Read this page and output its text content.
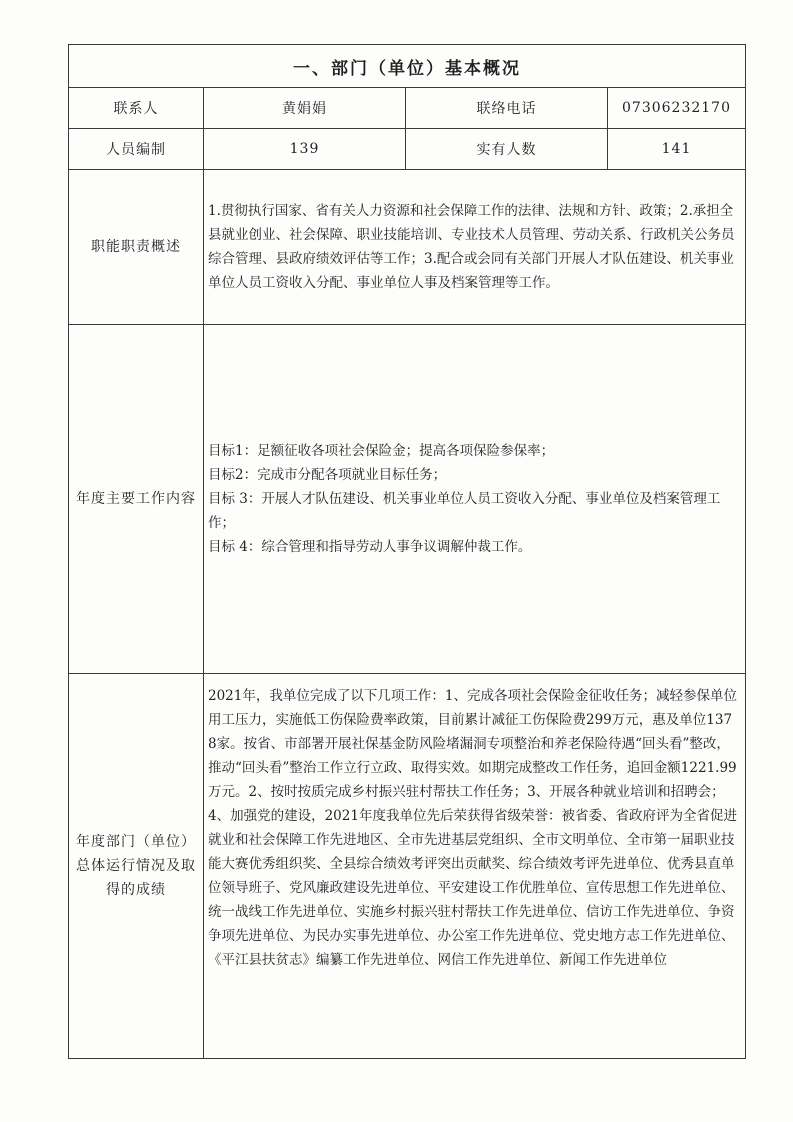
一、部门（单位）基本概况			
联系人	黄娟娟	联络电话	07306232170
人员编制	139	实有人数	141
职能职责概述	1.贯彻执行国家、省有关人力资源和社会保障工作的法律、法规和方针、政策；2.承担全县就业创业、社会保障、职业技能培训、专业技术人员管理、劳动关系、行政机关公务员综合管理、县政府绩效评估等工作；3.配合或会同有关部门开展人才队伍建设、机关事业单位人员工资收入分配、事业单位人事及档案管理等工作。		
年度主要工作内容	目标1：足额征收各项社会保险金；提高各项保险参保率；

目标2：完成市分配各项就业目标任务；

目标 3：开展人才队伍建设、机关事业单位人员工资收入分配、事业单位及档案管理工作；

目标 4：综合管理和指导劳动人事争议调解仲裁工作。		

年度部门（单位）总体运行情况及取得的成绩	2021年，我单位完成了以下几项工作：1、完成各项社会保险金征收任务；减轻参保单位用工压力，实施低工伤保险费率政策，目前累计减征工伤保险费299万元，惠及单位1378家。按省、市部署开展社保基金防风险堵漏洞专项整治和养老保险待遇“回头看”整改，推动“回头看”整治工作立行立政、取得实效。如期完成整改工作任务，追回金额1221.99万元。2、按时按质完成乡村振兴驻村帮扶工作任务；3、开展各种就业培训和招聘会；4、加强党的建设，2021年度我单位先后荣获得省级荣誉：被省委、省政府评为全省促进就业和社会保障工作先进地区、全市先进基层党组织、全市文明单位、全市第一届职业技能大赛优秀组织奖、全县综合绩效考评突出贡献奖、综合绩效考评先进单位、优秀县直单位领导班子、党风廉政建设先进单位、平安建设工作优胜单位、宣传思想工作先进单位、统一战线工作先进单位、实施乡村振兴驻村帮扶工作先进单位、信访工作先进单位、争资争项先进单位、为民办实事先进单位、办公室工作先进单位、党史地方志工作先进单位、《平江县扶贫志》编纂工作先进单位、网信工作先进单位、新闻工作先进单位		
